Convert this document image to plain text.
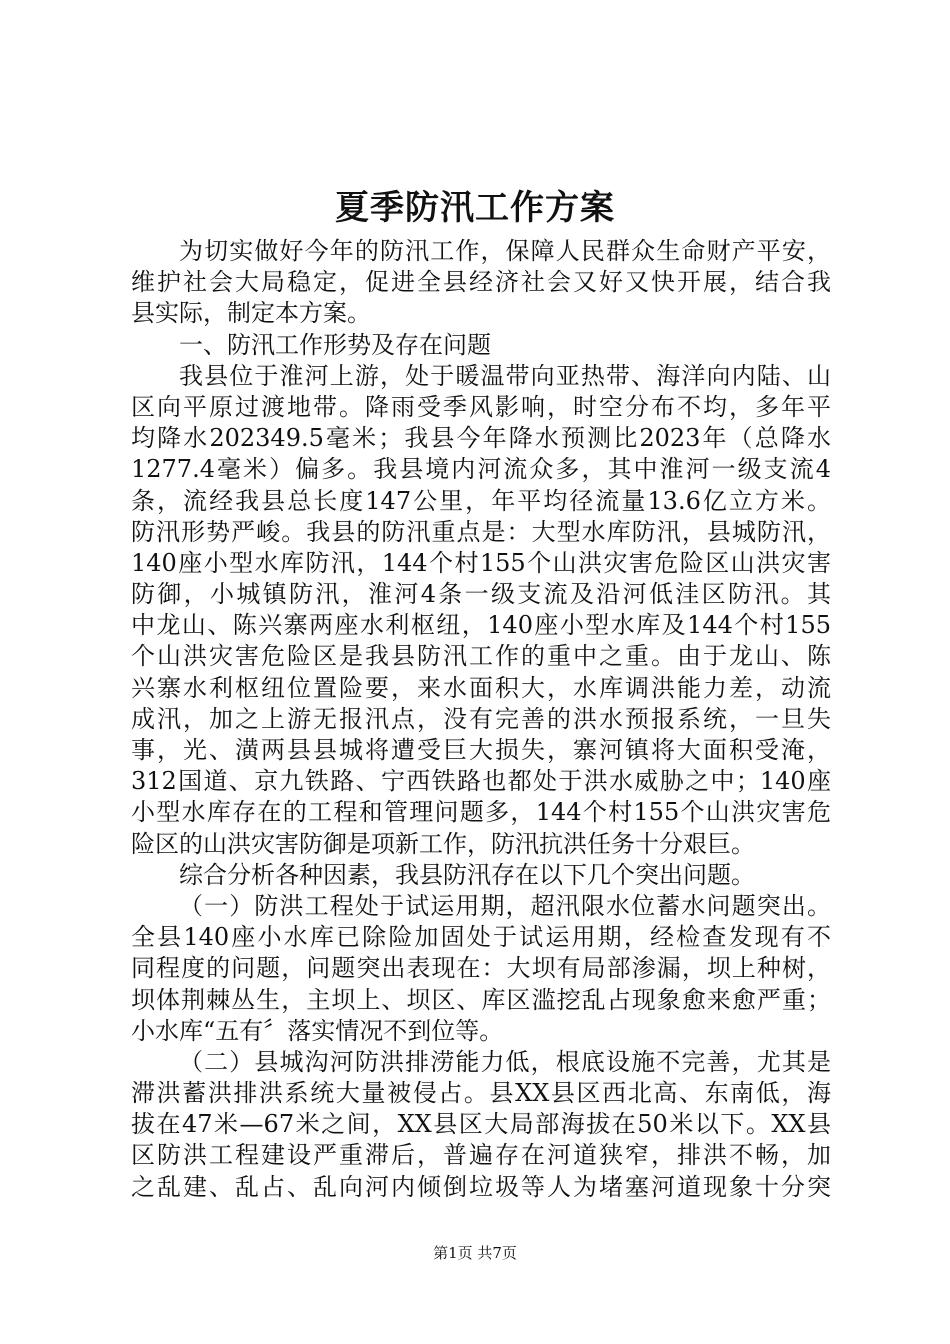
夏季防汛工作方案
为切实做好今年的防汛工作，保障人民群众生命财产平安，
维护社会大局稳定，促进全县经济社会又好又快开展，结合我
县实际，制定本方案。
一、防汛工作形势及存在问题
我县位于淮河上游，处于暖温带向亚热带、海洋向内陆、山
区向平原过渡地带。降雨受季风影响，时空分布不均，多年平
均降水202349.5毫米；我县今年降水预测比2023年（总降水
1277.4毫米）偏多。我县境内河流众多，其中淮河一级支流4
条，流经我县总长度147公里，年平均径流量13.6亿立方米。
防汛形势严峻。我县的防汛重点是：大型水库防汛，县城防汛，
140座小型水库防汛，144个村155个山洪灾害危险区山洪灾害
防御，小城镇防汛，淮河4条一级支流及沿河低洼区防汛。其
中龙山、陈兴寨两座水利枢纽，140座小型水库及144个村155
个山洪灾害危险区是我县防汛工作的重中之重。由于龙山、陈
兴寨水利枢纽位置险要，来水面积大，水库调洪能力差，动流
成汛，加之上游无报汛点，没有完善的洪水预报系统，一旦失
事，光、潢两县县城将遭受巨大损失，寨河镇将大面积受淹，
312国道、京九铁路、宁西铁路也都处于洪水威胁之中；140座
小型水库存在的工程和管理问题多，144个村155个山洪灾害危
险区的山洪灾害防御是项新工作，防汛抗洪任务十分艰巨。
综合分析各种因素，我县防汛存在以下几个突出问题。
（一）防洪工程处于试运用期，超汛限水位蓄水问题突出。
全县140座小水库已除险加固处于试运用期，经检查发现有不
同程度的问题，问题突出表现在：大坝有局部渗漏，坝上种树，
坝体荆棘丛生，主坝上、坝区、库区滥挖乱占现象愈来愈严重；
小水库“五有〞落实情况不到位等。
（二）县城沟河防洪排涝能力低，根底设施不完善，尤其是
滞洪蓄洪排洪系统大量被侵占。县XX县区西北高、东南低，海
拔在47米—67米之间，XX县区大局部海拔在50米以下。XX县
区防洪工程建设严重滞后，普遍存在河道狭窄，排洪不畅，加
之乱建、乱占、乱向河内倾倒垃圾等人为堵塞河道现象十分突
第1页 共7页
